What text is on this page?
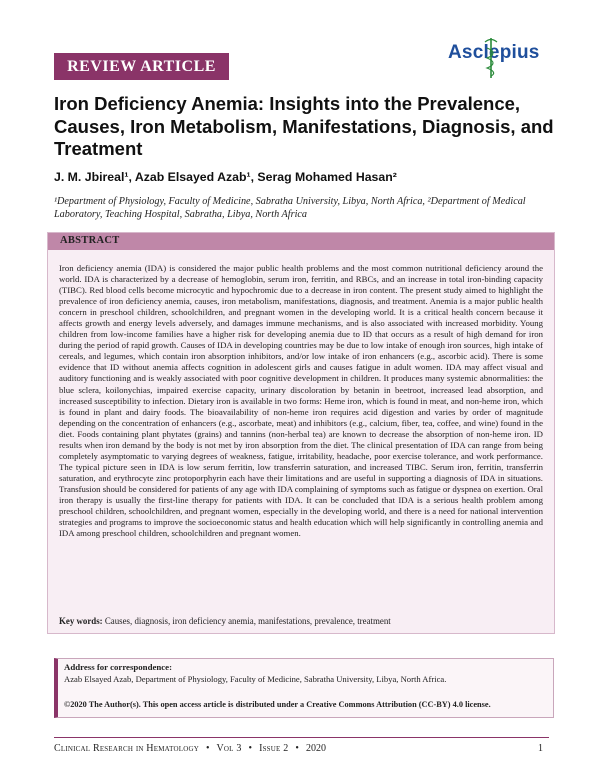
REVIEW ARTICLE
Asclepius
Iron Deficiency Anemia: Insights into the Prevalence, Causes, Iron Metabolism, Manifestations, Diagnosis, and Treatment
J. M. Jbireal¹, Azab Elsayed Azab¹, Serag Mohamed Hasan²
¹Department of Physiology, Faculty of Medicine, Sabratha University, Libya, North Africa, ²Department of Medical Laboratory, Teaching Hospital, Sabratha, Libya, North Africa
ABSTRACT

Iron deficiency anemia (IDA) is considered the major public health problems and the most common nutritional deficiency around the world. IDA is characterized by a decrease of hemoglobin, serum iron, ferritin, and RBCs, and an increase in total iron-binding capacity (TIBC). Red blood cells become microcytic and hypochromic due to a decrease in iron content. The present study aimed to highlight the prevalence of iron deficiency anemia, causes, iron metabolism, manifestations, diagnosis, and treatment. Anemia is a major public health concern in preschool children, schoolchildren, and pregnant women in the developing world. It is a critical health concern because it affects growth and energy levels adversely, and damages immune mechanisms, and is also associated with increased morbidity. Young children from low-income families have a higher risk for developing anemia due to ID that occurs as a result of high demand for iron during the period of rapid growth. Causes of IDA in developing countries may be due to low intake of enough iron sources, high intake of cereals, and legumes, which contain iron absorption inhibitors, and/or low intake of iron enhancers (e.g., ascorbic acid). There is some evidence that ID without anemia affects cognition in adolescent girls and causes fatigue in adult women. IDA may affect visual and auditory functioning and is weakly associated with poor cognitive development in children. It produces many systemic abnormalities: the blue sclera, koilonychias, impaired exercise capacity, urinary discoloration by betanin in beetroot, increased lead absorption, and increased susceptibility to infection. Dietary iron is available in two forms: Heme iron, which is found in meat, and non-heme iron, which is found in plant and dairy foods. The bioavailability of non-heme iron requires acid digestion and varies by order of magnitude depending on the concentration of enhancers (e.g., ascorbate, meat) and inhibitors (e.g., calcium, fiber, tea, coffee, and wine) found in the diet. Foods containing plant phytates (grains) and tannins (non-herbal tea) are known to decrease the absorption of non-heme iron. ID results when iron demand by the body is not met by iron absorption from the diet. The clinical presentation of IDA can range from being completely asymptomatic to varying degrees of weakness, fatigue, irritability, headache, poor exercise tolerance, and work performance. The typical picture seen in IDA is low serum ferritin, low transferrin saturation, and increased TIBC. Serum iron, ferritin, transferrin saturation, and erythrocyte zinc protoporphyrin each have their limitations and are useful in supporting a diagnosis of IDA in situations. Transfusion should be considered for patients of any age with IDA complaining of symptoms such as fatigue or dyspnea on exertion. Oral iron therapy is usually the first-line therapy for patients with IDA. It can be concluded that IDA is a serious health problem among preschool children, schoolchildren, and pregnant women, especially in the developing world, and there is a need for national intervention strategies and programs to improve the socioeconomic status and health education which will help significantly in controlling anemia and IDA among preschool children, schoolchildren and pregnant women.

Key words: Causes, diagnosis, iron deficiency anemia, manifestations, prevalence, treatment
Address for correspondence:
Azab Elsayed Azab, Department of Physiology, Faculty of Medicine, Sabratha University, Libya, North Africa.
©2020 The Author(s). This open access article is distributed under a Creative Commons Attribution (CC-BY) 4.0 license.
Clinical Research in Hematology • Vol 3 • Issue 2 • 2020	1
